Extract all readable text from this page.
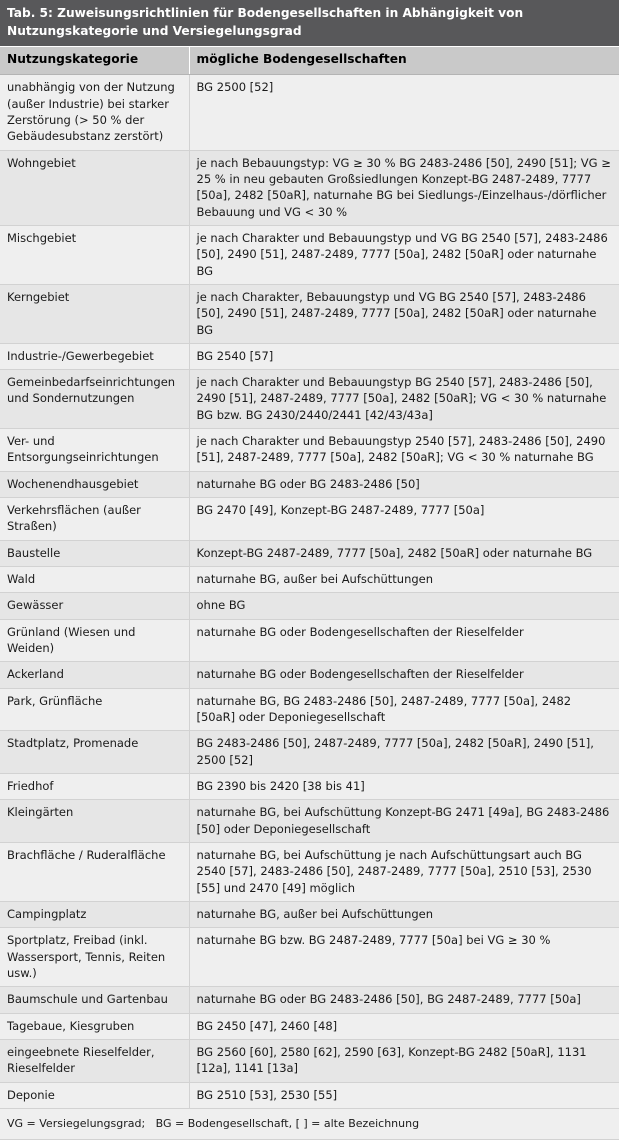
Tab. 5: Zuweisungsrichtlinien für Bodengesellschaften in Abhängigkeit von Nutzungskategorie und Versiegelungsgrad
Nutzungskategorie	mögliche Bodengesellschaften
unabhängig von der Nutzung (außer Industrie) bei starker Zerstörung (> 50 % der Gebäudesubstanz zerstört)	BG 2500 [52]
Wohngebiet	je nach Bebauungstyp: VG ≥ 30 % BG 2483-2486 [50], 2490 [51]; VG ≥ 25 % in neu gebauten Großsiedlungen Konzept-BG 2487-2489, 7777 [50a], 2482 [50aR], naturnahe BG bei Siedlungs-/Einzelhaus-/dörflicher Bebauung und VG < 30 %
Mischgebiet	je nach Charakter und Bebauungstyp und VG BG 2540 [57], 2483-2486 [50], 2490 [51], 2487-2489, 7777 [50a], 2482 [50aR] oder naturnahe BG
Kerngebiet	je nach Charakter, Bebauungstyp und VG BG 2540 [57], 2483-2486 [50], 2490 [51], 2487-2489, 7777 [50a], 2482 [50aR] oder naturnahe BG
Industrie-/Gewerbegebiet	BG 2540 [57]
Gemeinbedarfseinrichtungen und Sondernutzungen	je nach Charakter und Bebauungstyp BG 2540 [57], 2483-2486 [50], 2490 [51], 2487-2489, 7777 [50a], 2482 [50aR]; VG < 30 % naturnahe BG bzw. BG 2430/2440/2441 [42/43/43a]
Ver- und Entsorgungseinrichtungen	je nach Charakter und Bebauungstyp 2540 [57], 2483-2486 [50], 2490 [51], 2487-2489, 7777 [50a], 2482 [50aR]; VG < 30 % naturnahe BG
Wochenendhausgebiet	naturnahe BG oder BG 2483-2486 [50]
Verkehrsflächen (außer Straßen)	BG 2470 [49], Konzept-BG 2487-2489, 7777 [50a]
Baustelle	Konzept-BG 2487-2489, 7777 [50a], 2482 [50aR] oder naturnahe BG
Wald	naturnahe BG, außer bei Aufschüttungen
Gewässer	ohne BG
Grünland (Wiesen und Weiden)	naturnahe BG oder Bodengesellschaften der Rieselfelder
Ackerland	naturnahe BG oder Bodengesellschaften der Rieselfelder
Park, Grünfläche	naturnahe BG, BG 2483-2486 [50], 2487-2489, 7777 [50a], 2482 [50aR] oder Deponiegesellschaft
Stadtplatz, Promenade	BG 2483-2486 [50], 2487-2489, 7777 [50a], 2482 [50aR], 2490 [51], 2500 [52]
Friedhof	BG 2390 bis 2420 [38 bis 41]
Kleingärten	naturnahe BG, bei Aufschüttung Konzept-BG 2471 [49a], BG 2483-2486 [50] oder Deponiegesellschaft
Brachfläche / Ruderalfläche	naturnahe BG, bei Aufschüttung je nach Aufschüttungsart auch BG 2540 [57], 2483-2486 [50], 2487-2489, 7777 [50a], 2510 [53], 2530 [55] und 2470 [49] möglich
Campingplatz	naturnahe BG, außer bei Aufschüttungen
Sportplatz, Freibad (inkl. Wassersport, Tennis, Reiten usw.)	naturnahe BG bzw. BG 2487-2489, 7777 [50a] bei VG ≥ 30 %
Baumschule und Gartenbau	naturnahe BG oder BG 2483-2486 [50], BG 2487-2489, 7777 [50a]
Tagebaue, Kiesgruben	BG 2450 [47], 2460 [48]
eingeebnete Rieselfelder, Rieselfelder	BG 2560 [60], 2580 [62], 2590 [63], Konzept-BG 2482 [50aR], 1131 [12a], 1141 [13a]
Deponie	BG 2510 [53], 2530 [55]
VG = Versiegelungsgrad;   BG = Bodengesellschaft, [ ] = alte Bezeichnung	
